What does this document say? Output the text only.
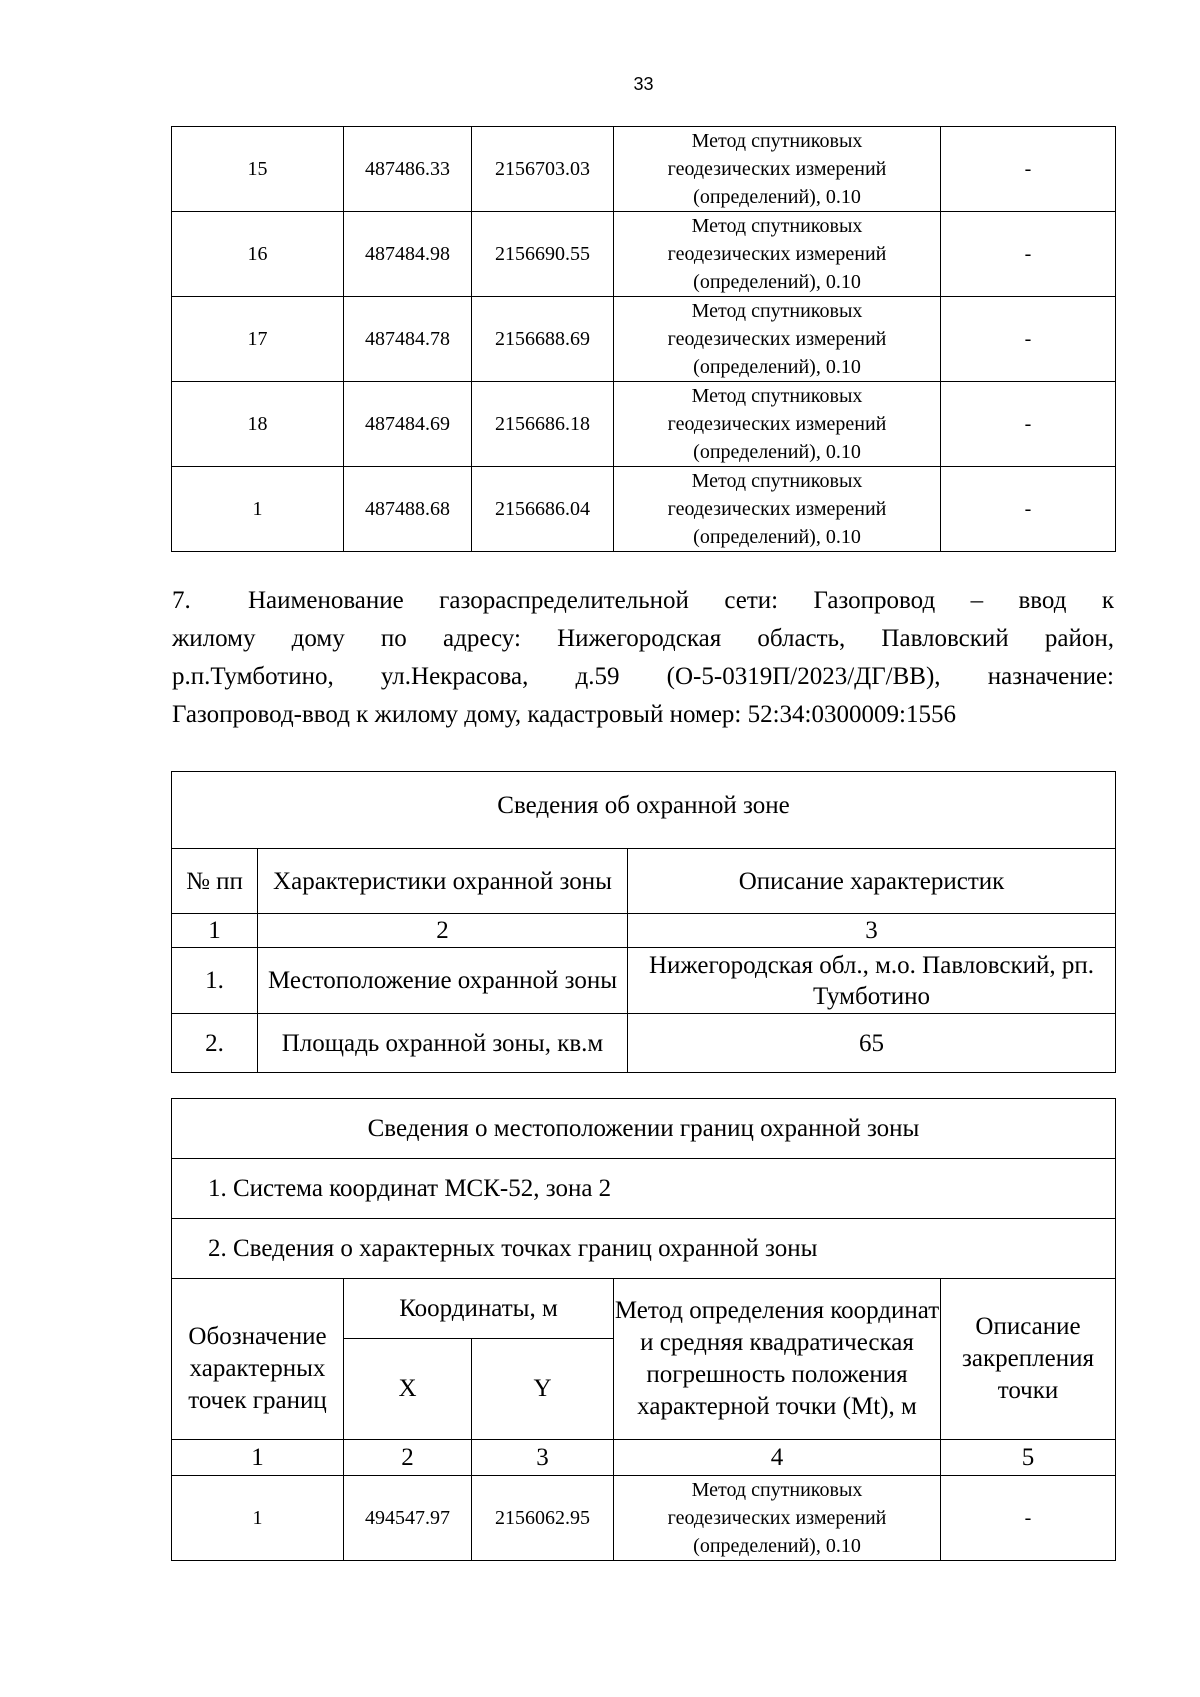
33
15	487486.33	2156703.03	Метод спутниковых
геодезических измерений
(определений), 0.10	-
16	487484.98	2156690.55	Метод спутниковых
геодезических измерений
(определений), 0.10	-
17	487484.78	2156688.69	Метод спутниковых
геодезических измерений
(определений), 0.10	-
18	487484.69	2156686.18	Метод спутниковых
геодезических измерений
(определений), 0.10	-
1	487488.68	2156686.04	Метод спутниковых
геодезических измерений
(определений), 0.10	-
7. Наименование газораспределительной сети: Газопровод – ввод к
жилому дому по адресу: Нижегородская область, Павловский район,
р.п.Тумботино, ул.Некрасова, д.59 (О-5-0319П/2023/ДГ/ВВ), назначение:
Газопровод-ввод к жилому дому, кадастровый номер: 52:34:0300009:1556
Сведения об охранной зоне		
№ пп	Характеристики охранной зоны	Описание характеристик
1	2	3
1.	Местоположение охранной зоны	Нижегородская обл., м.о. Павловский, рп. Тумботино
2.	Площадь охранной зоны, кв.м	65
Сведения о местоположении границ охранной зоны				
1. Система координат МСК-52, зона 2				
2. Сведения о характерных точках границ охранной зоны				
Обозначение характерных точек границ	Координаты, м		Метод определения координат и средняя квадратическая погрешность положения характерной точки (Mt), м	Описание закрепления точки
	X	Y		
1	2	3	4	5
1	494547.97	2156062.95	Метод спутниковых
геодезических измерений
(определений), 0.10	-
